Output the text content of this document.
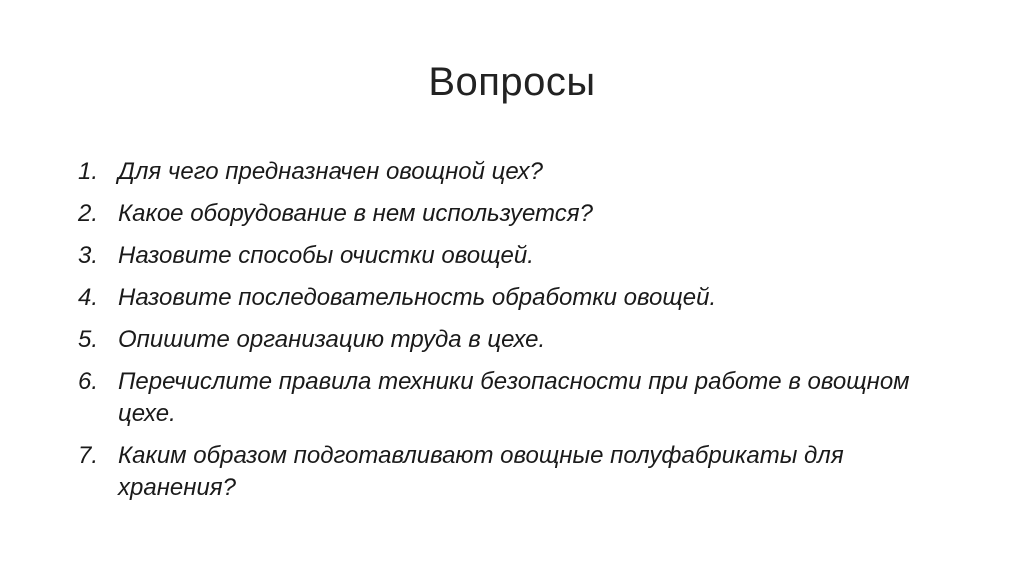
Вопросы
1. Для чего предназначен овощной цех?
2. Какое оборудование в нем используется?
3. Назовите способы очистки овощей.
4. Назовите последовательность обработки овощей.
5. Опишите организацию труда в цехе.
6. Перечислите правила техники безопасности при работе в овощном цехе.
7. Каким образом подготавливают овощные полуфабрикаты для хранения?
